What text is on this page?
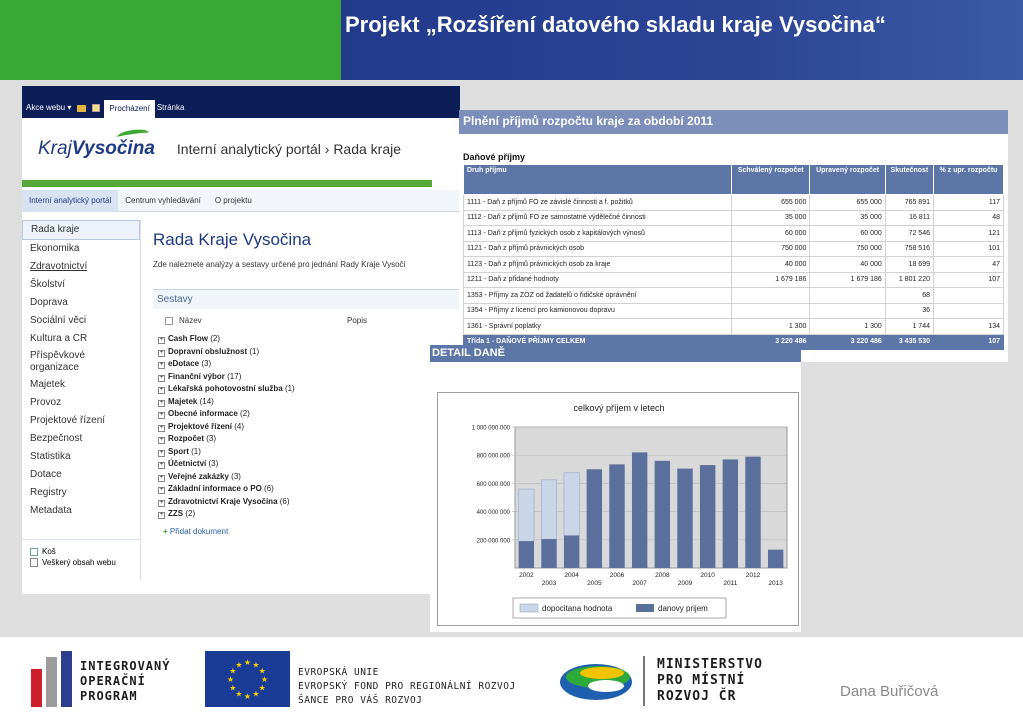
Projekt „Rozšíření datového skladu kraje Vysočina“
Akce webu ▾	Procházení Stránka
KrajVysočina Interní analytický portál › Rada kraje
Interní analytický portál	Centrum vyhledávání	O projektu
Rada kraje
Ekonomika
Zdravotnictví
Školství
Doprava
Sociální věci
Kultura a CR
Příspěvkové organizace
Majetek
Provoz
Projektové řízení
Bezpečnost
Statistika
Dotace
Registry
Metadata
Koš
Veškerý obsah webu
Rada Kraje Vysočina
Zde naleznete analýzy a sestavy určené pro jednání Rady Kraje Vysoči
Sestavy
Název	Popis
+ Cash Flow (2)
+ Dopravní obslužnost (1)
+ eDotace (3)
+ Finanční výbor (17)
+ Lékařská pohotovostní služba (1)
+ Majetek (14)
+ Obecné informace (2)
+ Projektové řízení (4)
+ Rozpočet (3)
+ Sport (1)
+ Účetnictví (3)
+ Veřejné zakázky (3)
+ Základní informace o PO (6)
+ Zdravotnictví Kraje Vysočina (6)
+ ZZS (2)
+ Přidat dokument
Plnění příjmů rozpočtu kraje za období 2011
Daňové příjmy
Druh příjmu	Schválený rozpočet	Upravený rozpočet	Skutečnost	% z upr. rozpočtu
1111 - Daň z příjmů FO ze závislé činnosti a f. požitků	655 000	655 000	765 891	117
1112 - Daň z příjmů FO ze samostatné výdělečné činnosti	35 000	35 000	16 811	48
1113 - Daň z příjmů fyzických osob z kapitálových výnosů	60 000	60 000	72 546	121
1121 - Daň z příjmů právnických osob	750 000	750 000	758 516	101
1123 - Daň z příjmů právnických osob za kraje	40 000	40 000	18 699	47
1211 - Daň z přidané hodnoty	1 679 186	1 679 186	1 801 220	107
1353 - Příjmy za ZOZ od žadatelů o řidičské oprávnění			68	
1354 - Příjmy z licencí pro kamionovou dopravu			36	
1361 - Správní poplatky	1 300	1 300	1 744	134
Třída 1 - DAŇOVÉ PŘÍJMY CELKEM	3 220 486	3 220 486	3 435 530	107
DETAIL DANĚ
celkový příjem v letech
200 000 000
400 000 000
600 000 000
800 000 000
1 000 000 000
2002
2003
2004
2005
2006
2007
2008
2009
2010
2011
2012
2013
dopocitana hodnota	danovy prijem
INTEGROVANÝ
OPERAČNÍ
PROGRAM
★
★
★
★
★
★
★
★
★ ★ ★
★	EVROPSKÁ UNIE
EVROPSKÝ FOND PRO REGIONÁLNÍ ROZVOJ
ŠANCE PRO VÁŠ ROZVOJ
MINISTERSTVO
PRO MÍSTNÍ
ROZVOJ ČR	Dana Buřičová
